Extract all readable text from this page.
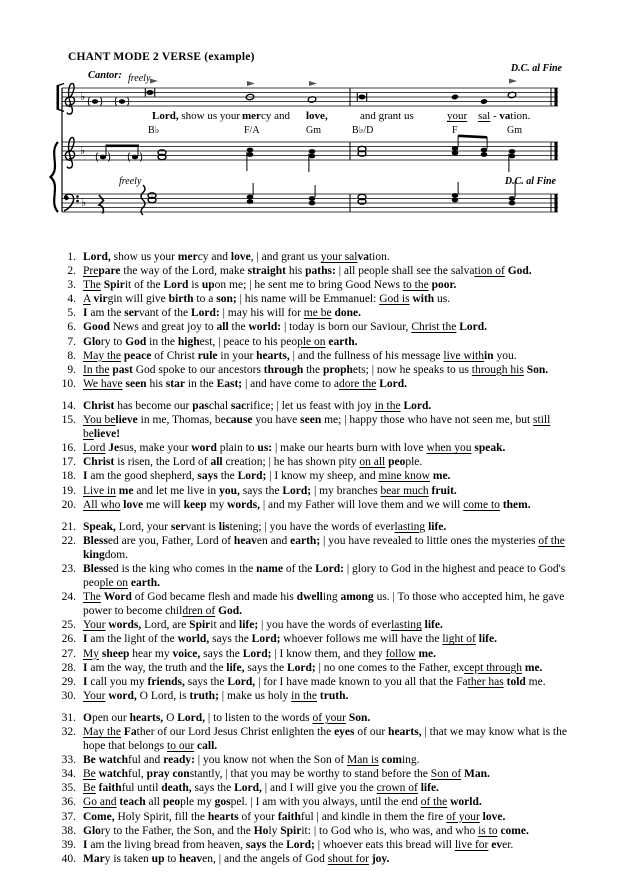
♭
♭
♭
CHANT MODE 2 VERSE (example)
D.C. al Fine
Cantor: freely
freely	D.C. al Fine
Lord, show us your mercy and love,	and grant us	your sal - vation.
B♭	F/A	Gm	B♭/D	F	Gm
1. Lord, show us your mercy and love, | and grant us your salvation.
2. Prepare the way of the Lord, make straight his paths: | all people shall see the salvation of God.
3. The Spirit of the Lord is upon me; | he sent me to bring Good News to the poor.
4. A virgin will give birth to a son; | his name will be Emmanuel: God is with us.
5. I am the servant of the Lord: | may his will for me be done.
6. Good News and great joy to all the world: | today is born our Saviour, Christ the Lord.
7. Glory to God in the highest, | peace to his people on earth.
8. May the peace of Christ rule in your hearts, | and the fullness of his message live within you.
9. In the past God spoke to our ancestors through the prophets; | now he speaks to us through his Son.
10. We have seen his star in the East; | and have come to adore the Lord.
14. Christ has become our paschal sacrifice; | let us feast with joy in the Lord.
15. You believe in me, Thomas, because you have seen me; | happy those who have not seen me, but still believe!
16. Lord Jesus, make your word plain to us: | make our hearts burn with love when you speak.
17. Christ is risen, the Lord of all creation; | he has shown pity on all people.
18. I am the good shepherd, says the Lord; | I know my sheep, and mine know me.
19. Live in me and let me live in you, says the Lord; | my branches bear much fruit.
20. All who love me will keep my words, | and my Father will love them and we will come to them.
21. Speak, Lord, your servant is listening; | you have the words of everlasting life.
22. Blessed are you, Father, Lord of heaven and earth; | you have revealed to little ones the mysteries of the kingdom.
23. Blessed is the king who comes in the name of the Lord: | glory to God in the highest and peace to God's people on earth.
24. The Word of God became flesh and made his dwelling among us. | To those who accepted him, he gave power to become children of God.
25. Your words, Lord, are Spirit and life; | you have the words of everlasting life.
26. I am the light of the world, says the Lord; whoever follows me will have the light of life.
27. My sheep hear my voice, says the Lord; | I know them, and they follow me.
28. I am the way, the truth and the life, says the Lord; | no one comes to the Father, except through me.
29. I call you my friends, says the Lord, | for I have made known to you all that the Father has told me.
30. Your word, O Lord, is truth; | make us holy in the truth.
31. Open our hearts, O Lord, | to listen to the words of your Son.
32. May the Father of our Lord Jesus Christ enlighten the eyes of our hearts, | that we may know what is the hope that belongs to our call.
33. Be watchful and ready: | you know not when the Son of Man is coming.
34. Be watchful, pray constantly, | that you may be worthy to stand before the Son of Man.
35. Be faithful until death, says the Lord, | and I will give you the crown of life.
36. Go and teach all people my gospel. | I am with you always, until the end of the world.
37. Come, Holy Spirit, fill the hearts of your faithful | and kindle in them the fire of your love.
38. Glory to the Father, the Son, and the Holy Spirit: | to God who is, who was, and who is to come.
39. I am the living bread from heaven, says the Lord; | whoever eats this bread will live for ever.
40. Mary is taken up to heaven, | and the angels of God shout for joy.
